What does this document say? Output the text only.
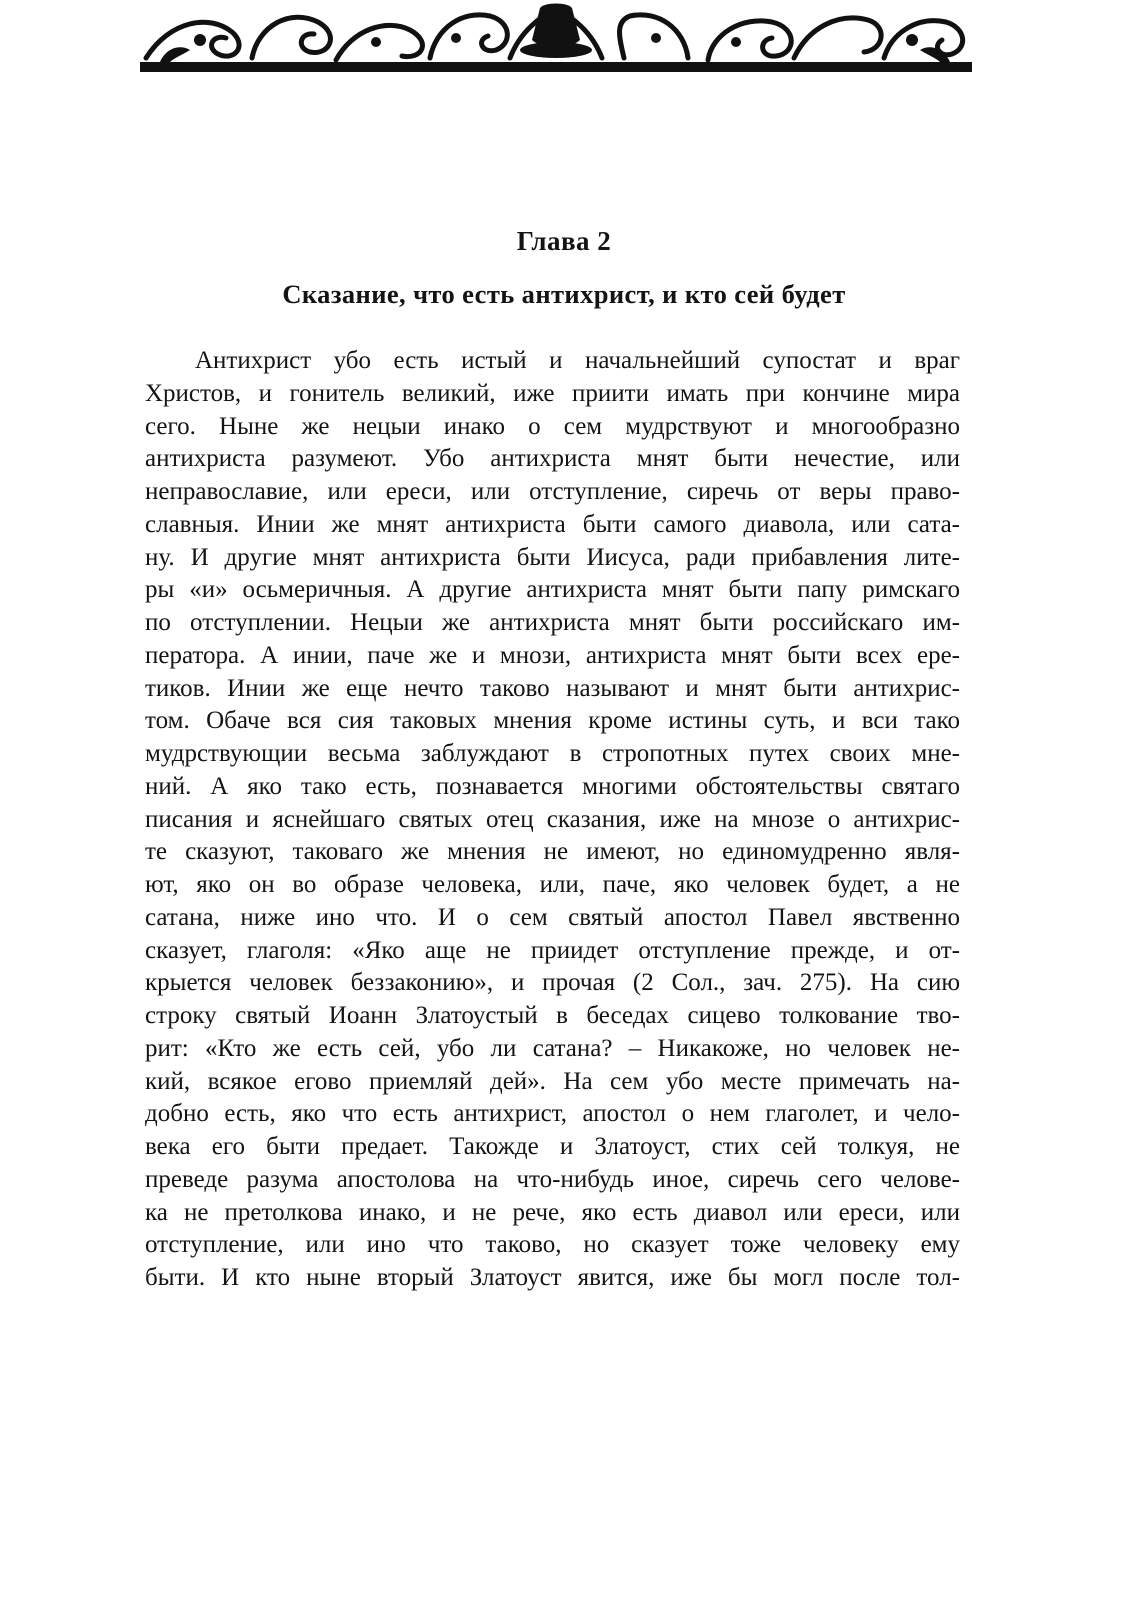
Глава 2
Сказание, что есть антихрист, и кто сей будет
Антихрист убо есть истый и начальнейший супостат и враг
Христов, и гонитель великий, иже приити имать при кончине мира
сего. Ныне же нецыи инако о сем мудрствуют и многообразно
антихриста разумеют. Убо антихриста мнят быти нечестие, или
неправославие, или ереси, или отступление, сиречь от веры право-
славныя. Инии же мнят антихриста быти самого диавола, или сата-
ну. И другие мнят антихриста быти Иисуса, ради прибавления литe-
ры «и» осьмеричныя. А другие антихриста мнят быти папу римскаго
по отступлении. Нецыи же антихриста мнят быти российскаго им-
ператора. А инии, паче же и мнози, антихриста мнят быти всех ере-
тиков. Инии же еще нечто таково называют и мнят быти антихрис-
том. Обаче вся сия таковых мнения кроме истины суть, и вси тако
мудрствующии весьма заблуждают в стропотных путех своих мне-
ний. А яко тако есть, познавается многими обстоятельствы святаго
писания и яснейшаго святых отец сказания, иже на мнозе о антихрис-
те сказуют, таковаго же мнения не имеют, но единомудренно явля-
ют, яко он во образе человека, или, паче, яко человек будет, а не
сатана, ниже ино что. И о сем святый апостол Павел явственно
сказует, глаголя: «Яко аще не приидет отступление прежде, и от-
крыется человек беззаконию», и прочая (2 Сол., зач. 275). На сию
строку святый Иоанн Златоустый в беседах сицево толкование тво-
рит: «Кто же есть сей, убо ли сатана? – Никакоже, но человек не-
кий, всякое егово приемляй дей». На сем убо месте примечать на-
добно есть, яко что есть антихрист, апостол о нем глаголет, и чело-
века его быти предает. Такожде и Златоуст, стих сей толкуя, не
преведе разума апостолова на что-нибудь иное, сиречь сего челове-
ка не претолкова инако, и не рече, яко есть диавол или ереси, или
отступление, или ино что таково, но сказует тоже человеку ему
быти. И кто ныне вторый Златоуст явится, иже бы могл после тол-
